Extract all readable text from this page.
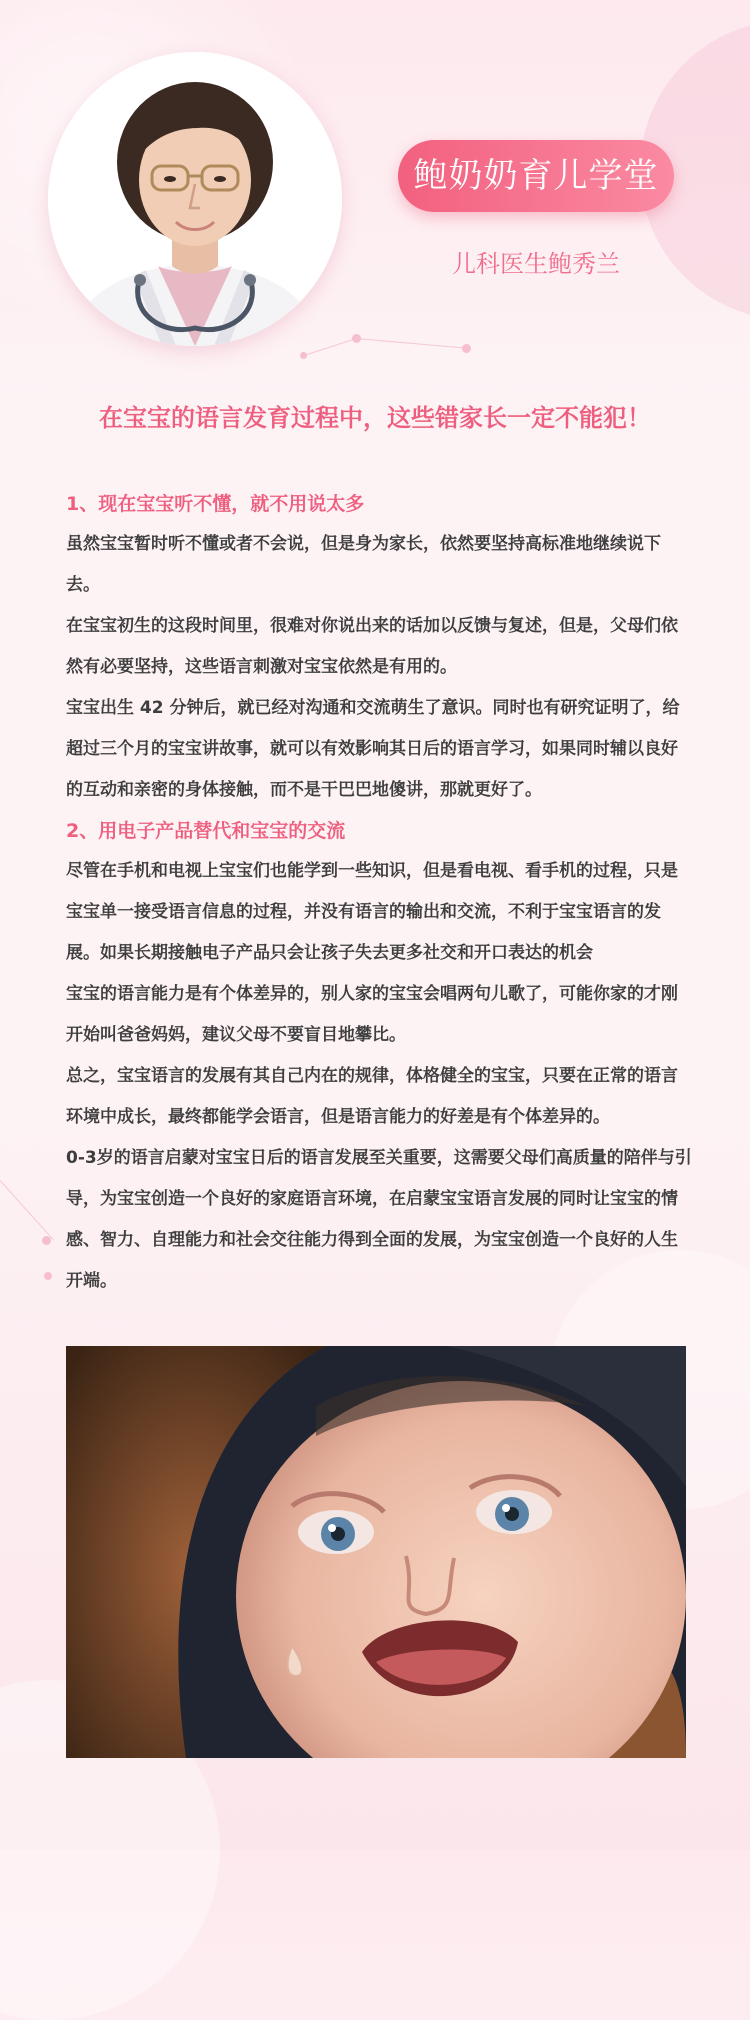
鲍奶奶育儿学堂
儿科医生鲍秀兰
在宝宝的语言发育过程中，这些错家长一定不能犯！

1、现在宝宝听不懂，就不用说太多

虽然宝宝暂时听不懂或者不会说，但是身为家长，依然要坚持高标准地继续说下去。

在宝宝初生的这段时间里，很难对你说出来的话加以反馈与复述，但是，父母们依然有必要坚持，这些语言刺激对宝宝依然是有用的。

宝宝出生 42 分钟后，就已经对沟通和交流萌生了意识。同时也有研究证明了，给超过三个月的宝宝讲故事，就可以有效影响其日后的语言学习，如果同时辅以良好的互动和亲密的身体接触，而不是干巴巴地傻讲，那就更好了。

2、用电子产品替代和宝宝的交流

尽管在手机和电视上宝宝们也能学到一些知识，但是看电视、看手机的过程，只是宝宝单一接受语言信息的过程，并没有语言的输出和交流，不利于宝宝语言的发展。如果长期接触电子产品只会让孩子失去更多社交和开口表达的机会

宝宝的语言能力是有个体差异的，别人家的宝宝会唱两句儿歌了，可能你家的才刚开始叫爸爸妈妈，建议父母不要盲目地攀比。

总之，宝宝语言的发展有其自己内在的规律，体格健全的宝宝，只要在正常的语言环境中成长，最终都能学会语言，但是语言能力的好差是有个体差异的。

0-3岁的语言启蒙对宝宝日后的语言发展至关重要，这需要父母们高质量的陪伴与引导，为宝宝创造一个良好的家庭语言环境，在启蒙宝宝语言发展的同时让宝宝的情感、智力、自理能力和社会交往能力得到全面的发展，为宝宝创造一个良好的人生开端。
